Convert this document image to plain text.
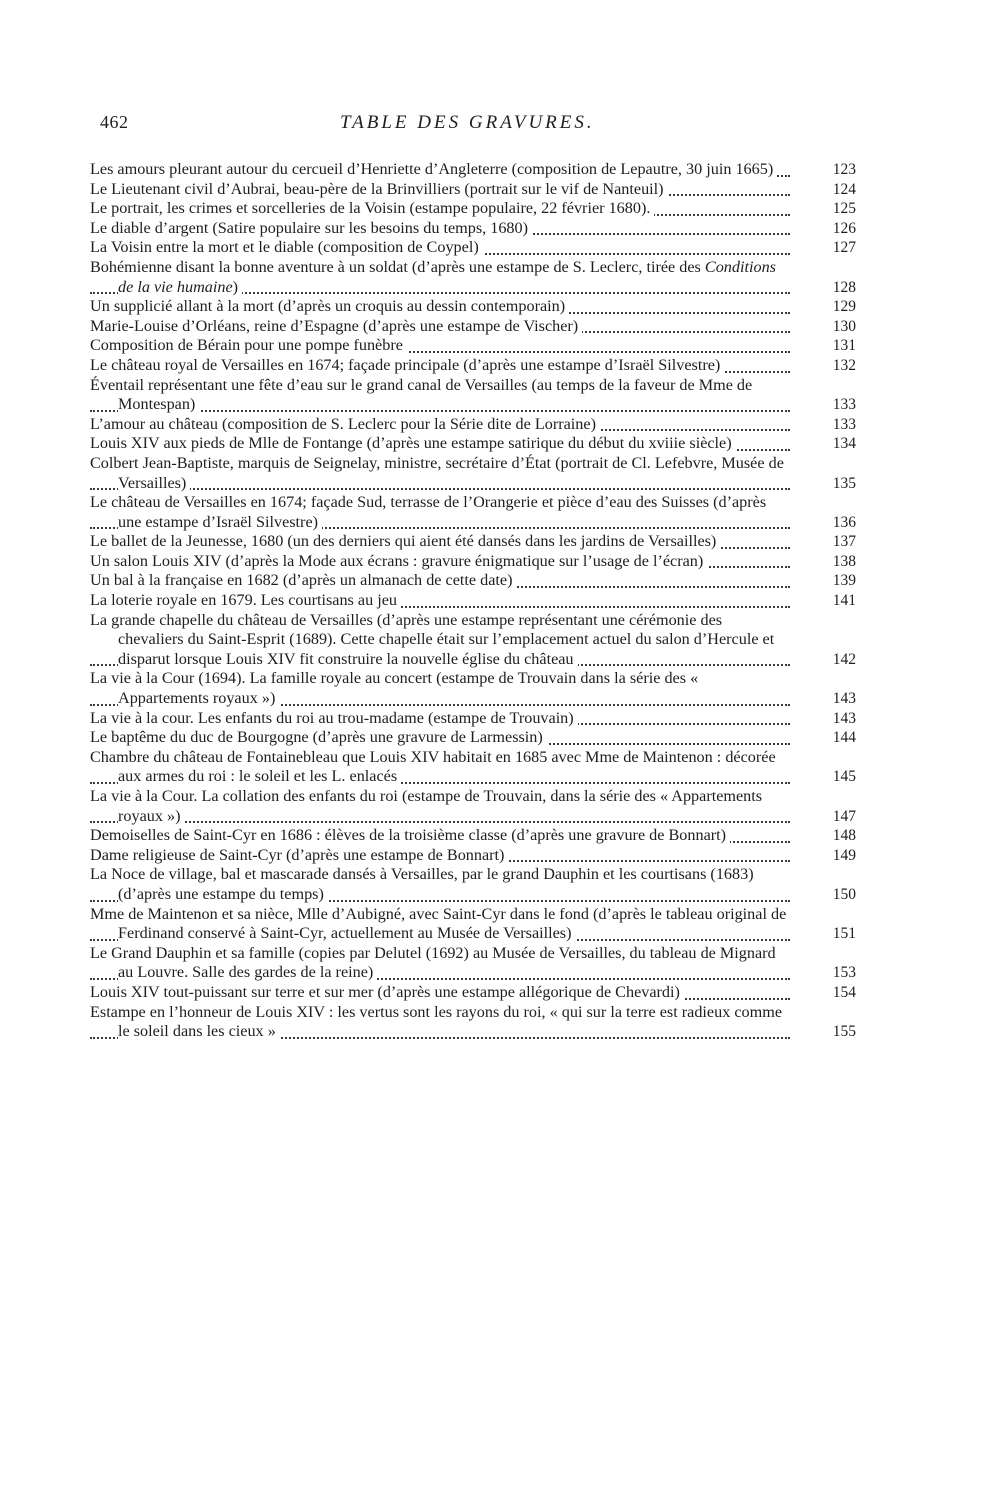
462	TABLE DES GRAVURES.
Les amours pleurant autour du cercueil d’Henriette d’Angleterre (composition de Lepautre, 30 juin 1665)	123
Le Lieutenant civil d’Aubrai, beau-père de la Brinvilliers (portrait sur le vif de Nanteuil)	124
Le portrait, les crimes et sorcelleries de la Voisin (estampe populaire, 22 février 1680).	125
Le diable d’argent (Satire populaire sur les besoins du temps, 1680)	126
La Voisin entre la mort et le diable (composition de Coypel)	127
Bohémienne disant la bonne aventure à un soldat (d’après une estampe de S. Leclerc, tirée des Conditions de la vie humaine)	128
Un supplicié allant à la mort (d’après un croquis au dessin contemporain)	129
Marie-Louise d’Orléans, reine d’Espagne (d’après une estampe de Vischer)	130
Composition de Bérain pour une pompe funèbre	131
Le château royal de Versailles en 1674; façade principale (d’après une estampe d’Israël Silvestre)	132
Éventail représentant une fête d’eau sur le grand canal de Versailles (au temps de la faveur de Mme de Montespan)	133
L’amour au château (composition de S. Leclerc pour la Série dite de Lorraine)	133
Louis XIV aux pieds de Mlle de Fontange (d’après une estampe satirique du début du xviiie siècle)	134
Colbert Jean-Baptiste, marquis de Seignelay, ministre, secrétaire d’État (portrait de Cl. Lefebvre, Musée de Versailles)	135
Le château de Versailles en 1674; façade Sud, terrasse de l’Orangerie et pièce d’eau des Suisses (d’après une estampe d’Israël Silvestre)	136
Le ballet de la Jeunesse, 1680 (un des derniers qui aient été dansés dans les jardins de Versailles)	137
Un salon Louis XIV (d’après la Mode aux écrans : gravure énigmatique sur l’usage de l’écran)	138
Un bal à la française en 1682 (d’après un almanach de cette date)	139
La loterie royale en 1679. Les courtisans au jeu	141
La grande chapelle du château de Versailles (d’après une estampe représentant une cérémonie des chevaliers du Saint-Esprit (1689). Cette chapelle était sur l’emplacement actuel du salon d’Hercule et disparut lorsque Louis XIV fit construire la nouvelle église du château	142
La vie à la Cour (1694). La famille royale au concert (estampe de Trouvain dans la série des « Appartements royaux »)	143
La vie à la cour. Les enfants du roi au trou-madame (estampe de Trouvain)	143
Le baptême du duc de Bourgogne (d’après une gravure de Larmessin)	144
Chambre du château de Fontainebleau que Louis XIV habitait en 1685 avec Mme de Maintenon : décorée aux armes du roi : le soleil et les L. enlacés	145
La vie à la Cour. La collation des enfants du roi (estampe de Trouvain, dans la série des « Appartements royaux »)	147
Demoiselles de Saint-Cyr en 1686 : élèves de la troisième classe (d’après une gravure de Bonnart)	148
Dame religieuse de Saint-Cyr (d’après une estampe de Bonnart)	149
La Noce de village, bal et mascarade dansés à Versailles, par le grand Dauphin et les courtisans (1683) (d’après une estampe du temps)	150
Mme de Maintenon et sa nièce, Mlle d’Aubigné, avec Saint-Cyr dans le fond (d’après le tableau original de Ferdinand conservé à Saint-Cyr, actuellement au Musée de Versailles)	151
Le Grand Dauphin et sa famille (copies par Delutel (1692) au Musée de Versailles, du tableau de Mignard au Louvre. Salle des gardes de la reine)	153
Louis XIV tout-puissant sur terre et sur mer (d’après une estampe allégorique de Chevardi)	154
Estampe en l’honneur de Louis XIV : les vertus sont les rayons du roi, « qui sur la terre est radieux comme le soleil dans les cieux »	155
